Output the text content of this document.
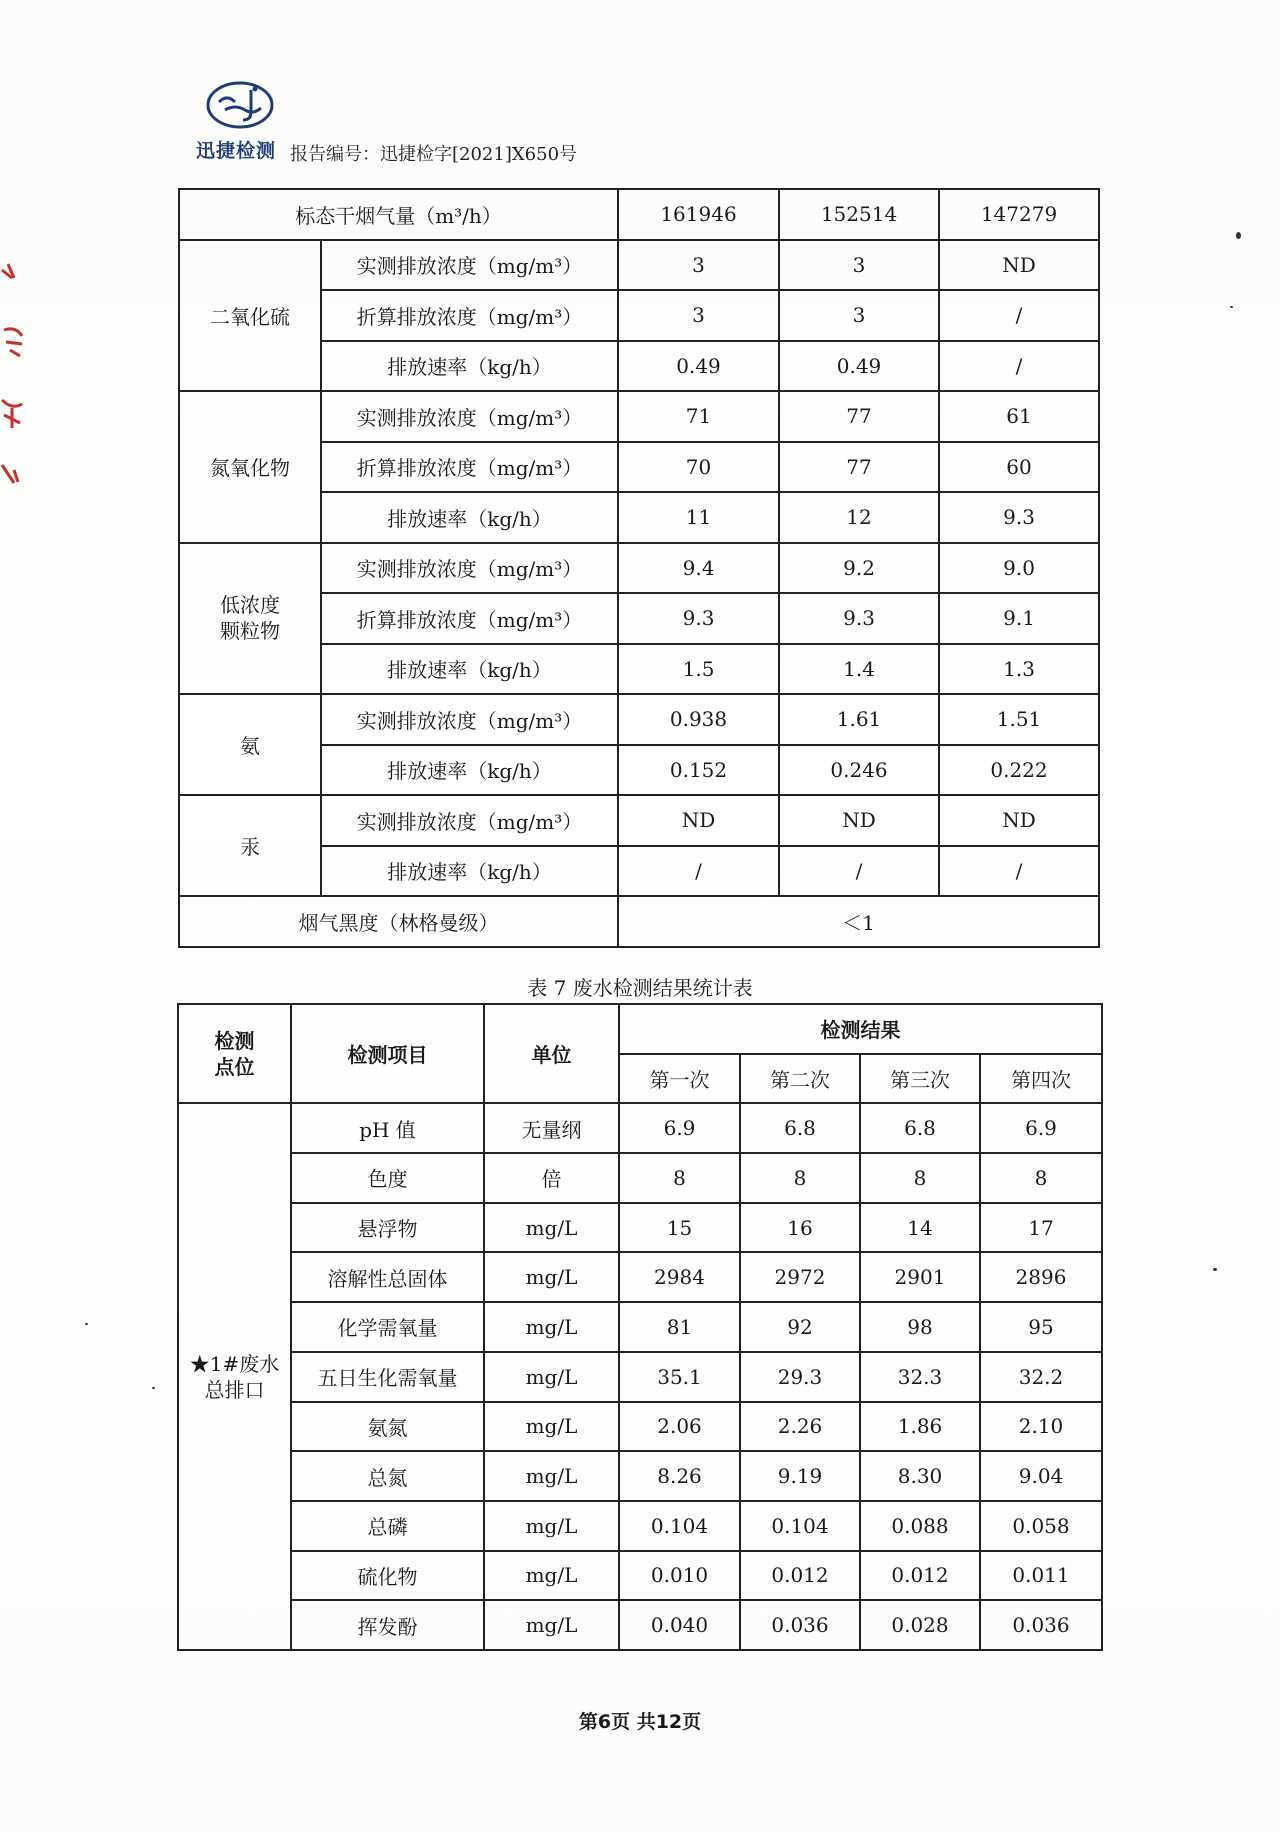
迅捷检测 报告编号：迅捷检字[2021]X650号
标态干烟气量（m³/h）		161946	152514	147279
二氧化硫	实测排放浓度（mg/m³）	3	3	ND
	折算排放浓度（mg/m³）	3	3	/
	排放速率（kg/h）	0.49	0.49	/
氮氧化物	实测排放浓度（mg/m³）	71	77	61
	折算排放浓度（mg/m³）	70	77	60
	排放速率（kg/h）	11	12	9.3

低浓度
颗粒物	实测排放浓度（mg/m³）	9.4	9.2	9.0
	折算排放浓度（mg/m³）	9.3	9.3	9.1
	排放速率（kg/h）	1.5	1.4	1.3
氨	实测排放浓度（mg/m³）	0.938	1.61	1.51
	排放速率（kg/h）	0.152	0.246	0.222
汞	实测排放浓度（mg/m³）	ND	ND	ND
	排放速率（kg/h）	/	/	/
烟气黑度（林格曼级）		＜1		
表 7 废水检测结果统计表
检测
点位	检测项目	单位	检测结果			
			第一次	第二次	第三次	第四次

★1#废水
总排口	pH 值	无量纲	6.9	6.8	6.8	6.9
	色度	倍	8	8	8	8
	悬浮物	mg/L	15	16	14	17
	溶解性总固体	mg/L	2984	2972	2901	2896
	化学需氧量	mg/L	81	92	98	95
	五日生化需氧量	mg/L	35.1	29.3	32.3	32.2
	氨氮	mg/L	2.06	2.26	1.86	2.10
	总氮	mg/L	8.26	9.19	8.30	9.04
	总磷	mg/L	0.104	0.104	0.088	0.058
	硫化物	mg/L	0.010	0.012	0.012	0.011
	挥发酚	mg/L	0.040	0.036	0.028	0.036
第6页 共12页
